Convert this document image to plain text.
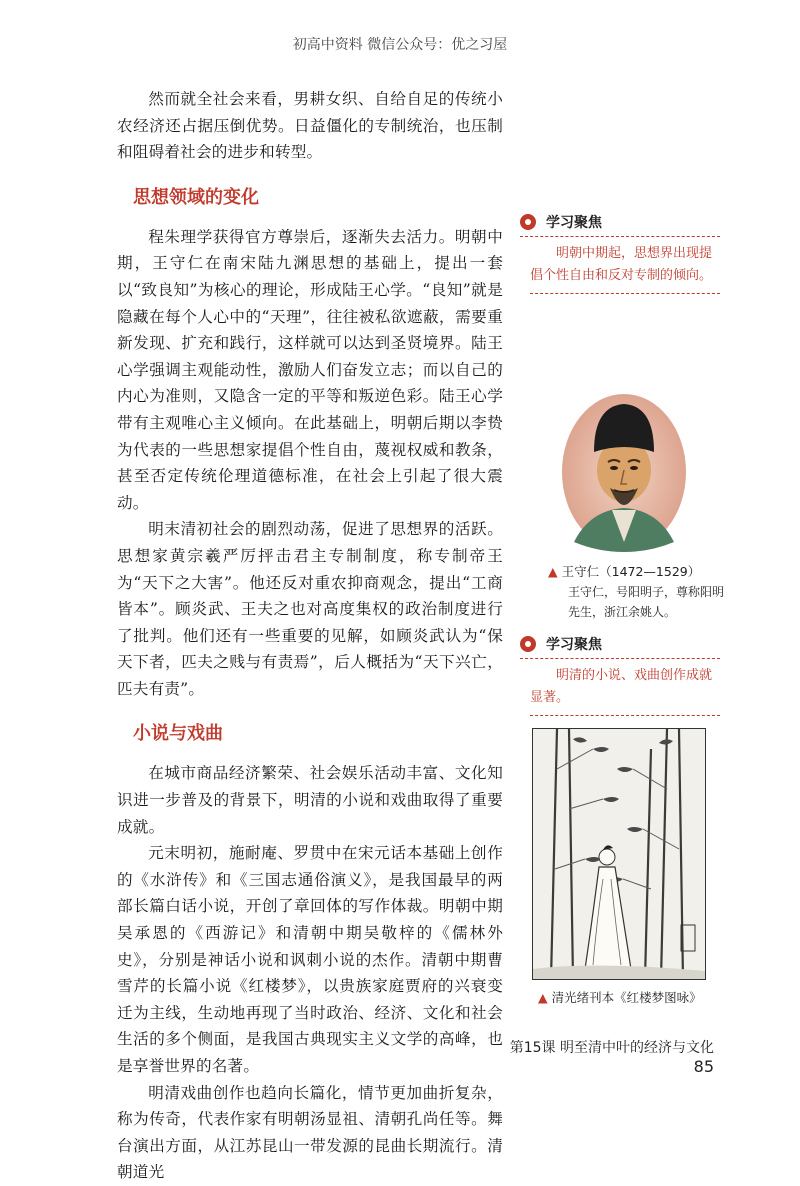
初高中资料 微信公众号：优之习屋

然而就全社会来看，男耕女织、自给自足的传统小农经济还占据压倒优势。日益僵化的专制统治，也压制和阻碍着社会的进步和转型。

思想领域的变化

程朱理学获得官方尊崇后，逐渐失去活力。明朝中期，王守仁在南宋陆九渊思想的基础上，提出一套以“致良知”为核心的理论，形成陆王心学。“良知”就是隐藏在每个人心中的“天理”，往往被私欲遮蔽，需要重新发现、扩充和践行，这样就可以达到圣贤境界。陆王心学强调主观能动性，激励人们奋发立志；而以自己的内心为准则，又隐含一定的平等和叛逆色彩。陆王心学带有主观唯心主义倾向。在此基础上，明朝后期以李贽为代表的一些思想家提倡个性自由，蔑视权威和教条，甚至否定传统伦理道德标准，在社会上引起了很大震动。

明末清初社会的剧烈动荡，促进了思想界的活跃。思想家黄宗羲严厉抨击君主专制制度，称专制帝王为“天下之大害”。他还反对重农抑商观念，提出“工商皆本”。顾炎武、王夫之也对高度集权的政治制度进行了批判。他们还有一些重要的见解，如顾炎武认为“保天下者，匹夫之贱与有责焉”，后人概括为“天下兴亡，匹夫有责”。

小说与戏曲

在城市商品经济繁荣、社会娱乐活动丰富、文化知识进一步普及的背景下，明清的小说和戏曲取得了重要成就。

元末明初，施耐庵、罗贯中在宋元话本基础上创作的《水浒传》和《三国志通俗演义》，是我国最早的两部长篇白话小说，开创了章回体的写作体裁。明朝中期吴承恩的《西游记》和清朝中期吴敬梓的《儒林外史》，分别是神话小说和讽刺小说的杰作。清朝中期曹雪芹的长篇小说《红楼梦》，以贵族家庭贾府的兴衰变迁为主线，生动地再现了当时政治、经济、文化和社会生活的多个侧面，是我国古典现实主义文学的高峰，也是享誉世界的名著。

明清戏曲创作也趋向长篇化，情节更加曲折复杂，称为传奇，代表作家有明朝汤显祖、清朝孔尚任等。舞台演出方面，从江苏昆山一带发源的昆曲长期流行。清朝道光

学习聚焦
明朝中期起，思想界出现提倡个性自由和反对专制的倾向。
▲ 王守仁（1472—1529）
王守仁，号阳明子，尊称阳明先生，浙江余姚人。
学习聚焦
明清的小说、戏曲创作成就显著。
▲ 清光绪刊本《红楼梦图咏》
第15课 明至清中叶的经济与文化85
